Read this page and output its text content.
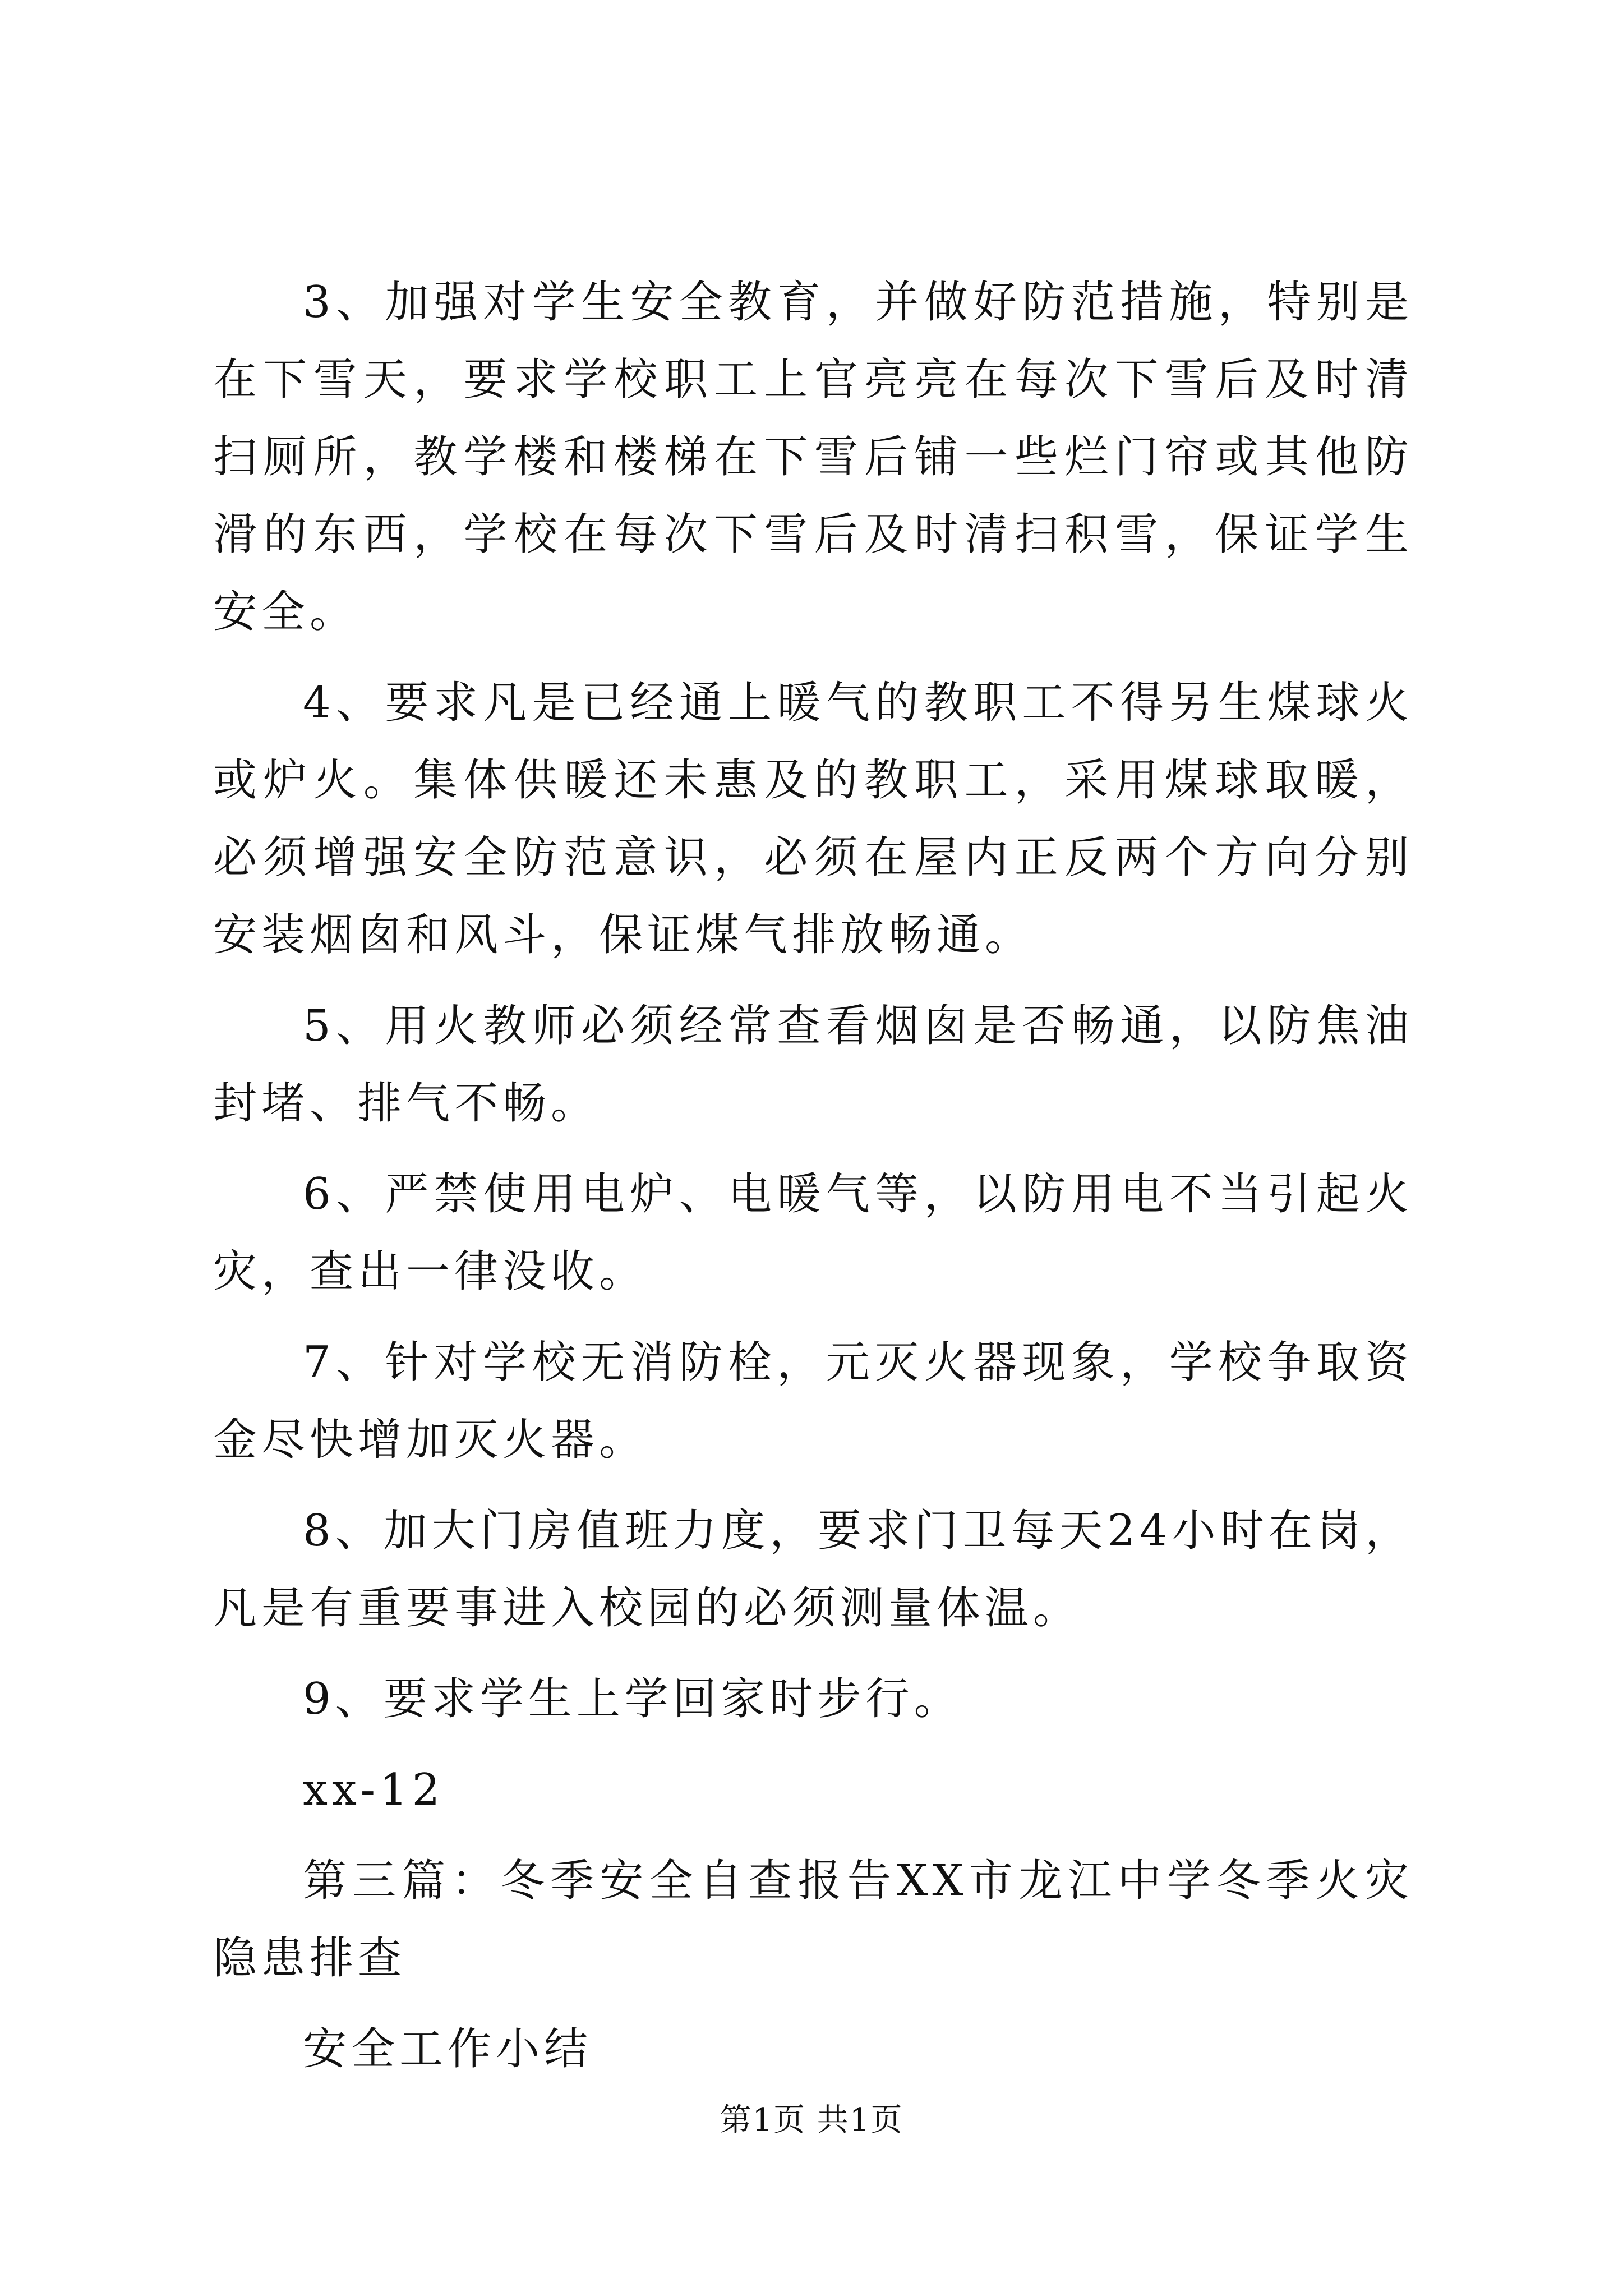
3、加强对学生安全教育，并做好防范措施，特别是在下雪天，要求学校职工上官亮亮在每次下雪后及时清扫厕所，教学楼和楼梯在下雪后铺一些烂门帘或其他防滑的东西，学校在每次下雪后及时清扫积雪，保证学生安全。

4、要求凡是已经通上暖气的教职工不得另生煤球火或炉火。集体供暖还未惠及的教职工，采用煤球取暖，必须增强安全防范意识，必须在屋内正反两个方向分别安装烟囱和风斗，保证煤气排放畅通。

5、用火教师必须经常查看烟囱是否畅通，以防焦油封堵、排气不畅。

6、严禁使用电炉、电暖气等，以防用电不当引起火灾，查出一律没收。

7、针对学校无消防栓，元灭火器现象，学校争取资金尽快增加灭火器。

8、加大门房值班力度，要求门卫每天24小时在岗，凡是有重要事进入校园的必须测量体温。

9、要求学生上学回家时步行。

xx-12

第三篇：冬季安全自查报告XX市龙江中学冬季火灾隐患排查

安全工作小结

第1页 共1页
